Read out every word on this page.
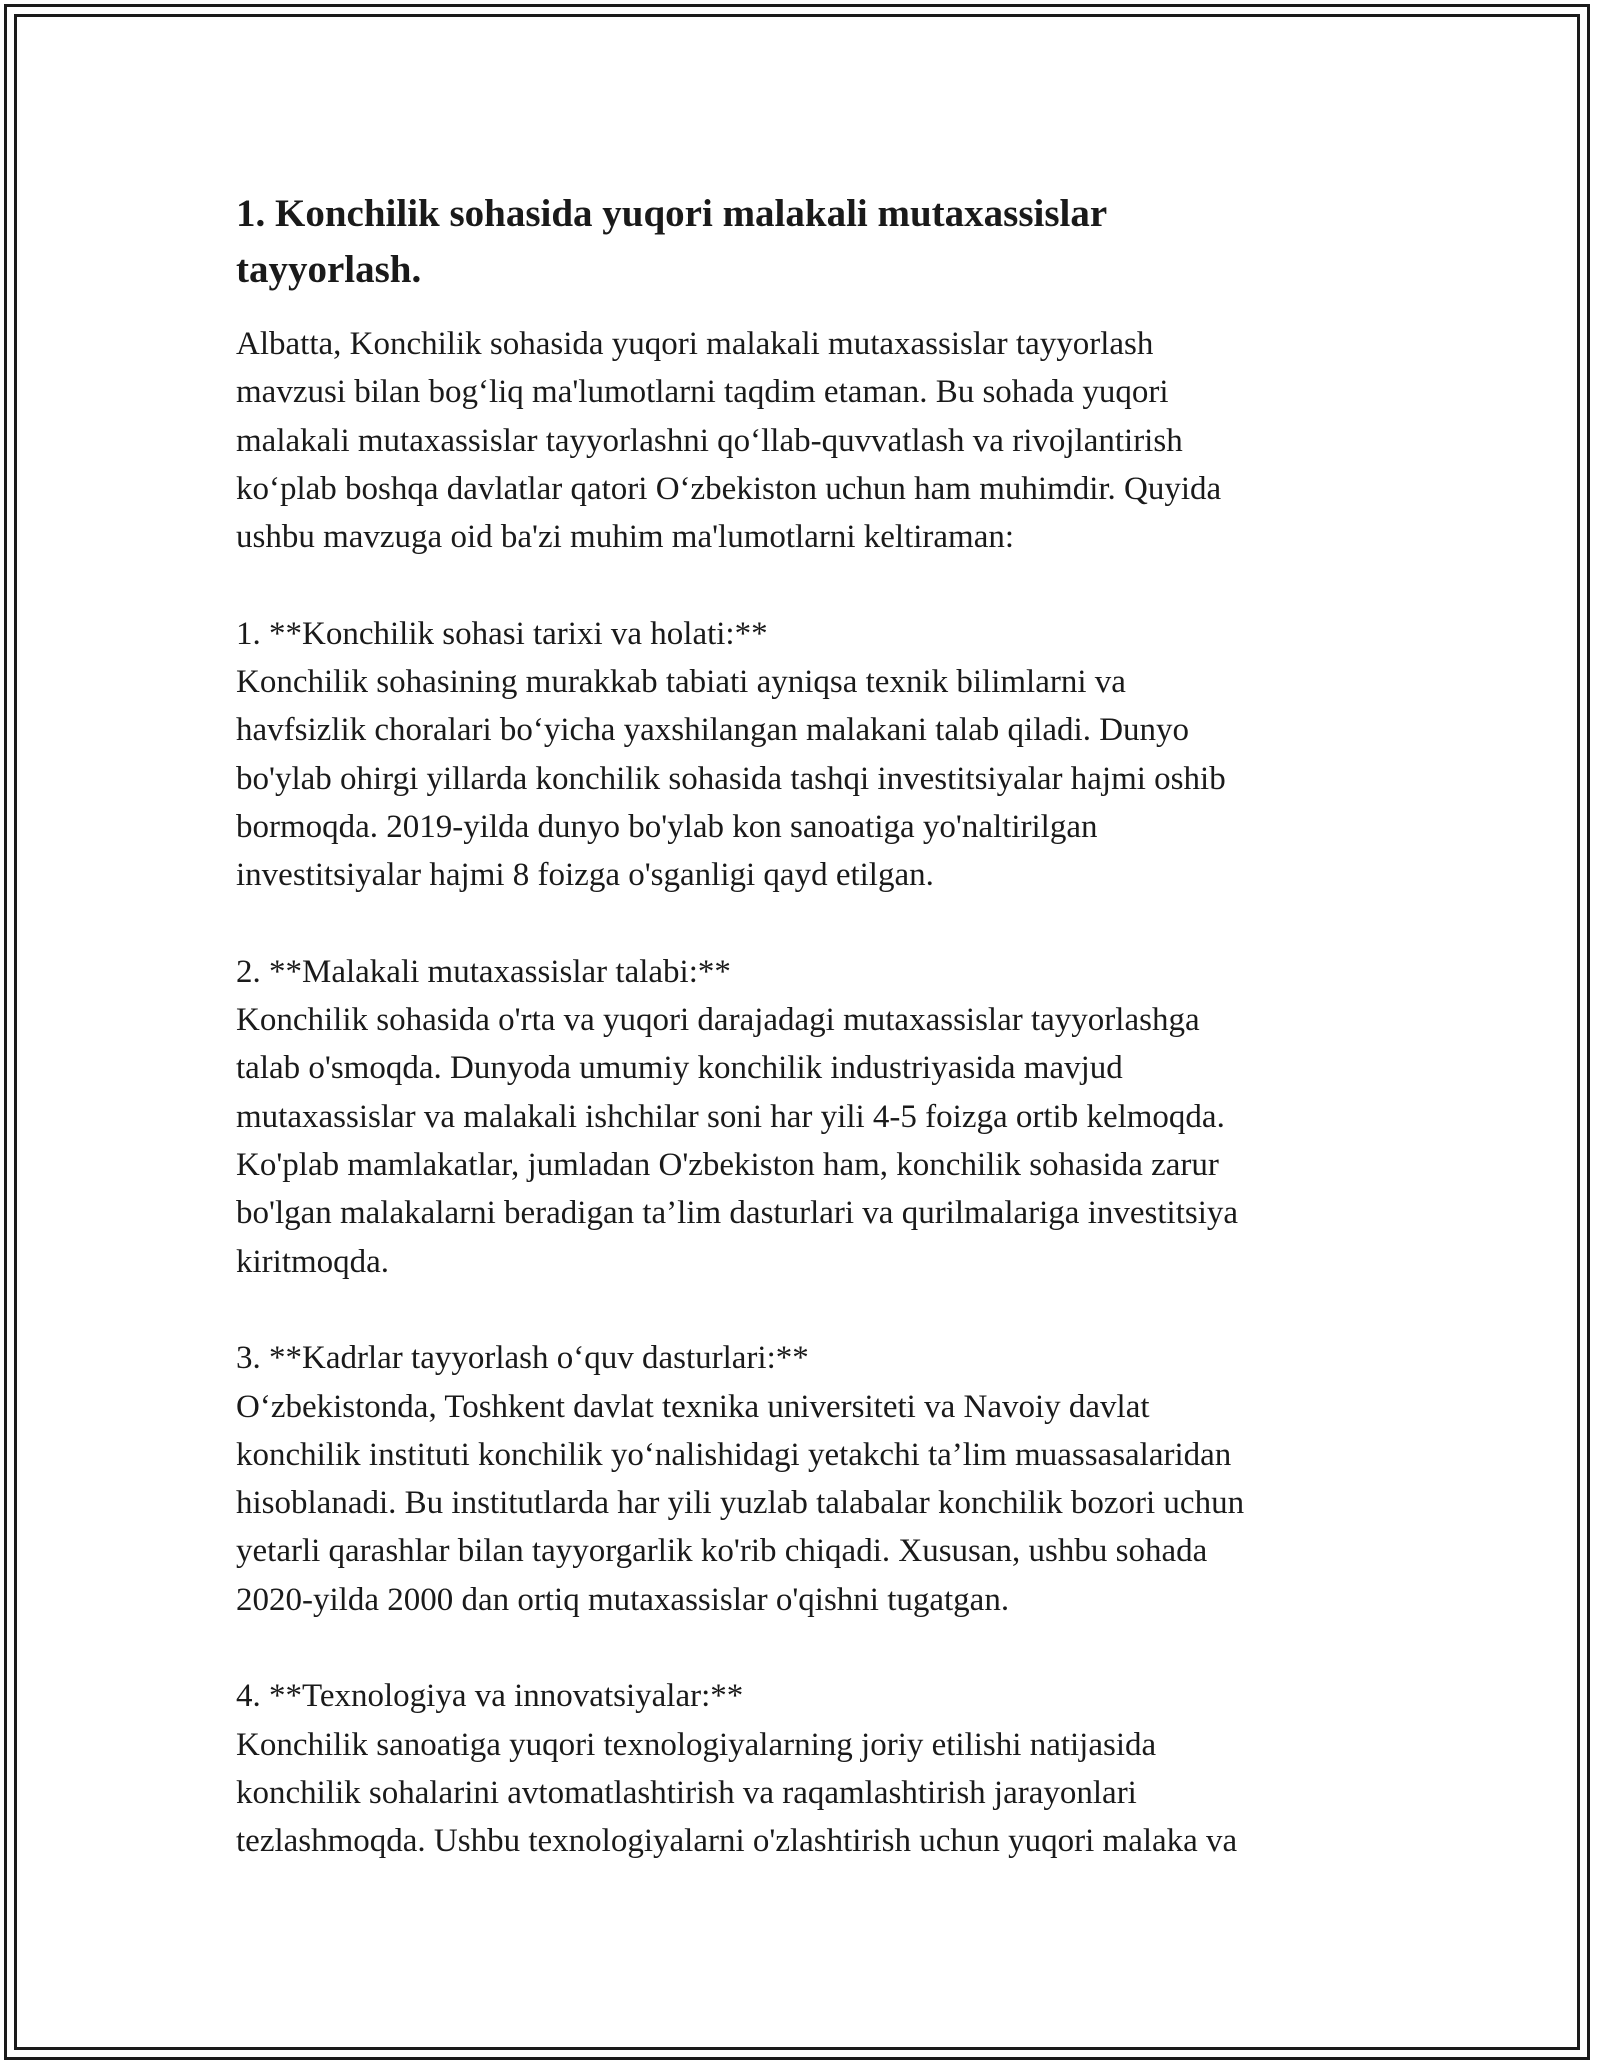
1. Konchilik sohasida yuqori malakali mutaxassislar
tayyorlash.

Albatta, Konchilik sohasida yuqori malakali mutaxassislar tayyorlash
mavzusi bilan bog‘liq ma'lumotlarni taqdim etaman. Bu sohada yuqori
malakali mutaxassislar tayyorlashni qo‘llab-quvvatlash va rivojlantirish
ko‘plab boshqa davlatlar qatori O‘zbekiston uchun ham muhimdir. Quyida
ushbu mavzuga oid ba'zi muhim ma'lumotlarni keltiraman:

1. **Konchilik sohasi tarixi va holati:**

Konchilik sohasining murakkab tabiati ayniqsa texnik bilimlarni va
havfsizlik choralari bo‘yicha yaxshilangan malakani talab qiladi. Dunyo
bo'ylab ohirgi yillarda konchilik sohasida tashqi investitsiyalar hajmi oshib
bormoqda. 2019-yilda dunyo bo'ylab kon sanoatiga yo'naltirilgan
investitsiyalar hajmi 8 foizga o'sganligi qayd etilgan.

2. **Malakali mutaxassislar talabi:**

Konchilik sohasida o'rta va yuqori darajadagi mutaxassislar tayyorlashga
talab o'smoqda. Dunyoda umumiy konchilik industriyasida mavjud
mutaxassislar va malakali ishchilar soni har yili 4-5 foizga ortib kelmoqda.
Ko'plab mamlakatlar, jumladan O'zbekiston ham, konchilik sohasida zarur
bo'lgan malakalarni beradigan ta’lim dasturlari va qurilmalariga investitsiya
kiritmoqda.

3. **Kadrlar tayyorlash o‘quv dasturlari:**

O‘zbekistonda, Toshkent davlat texnika universiteti va Navoiy davlat
konchilik instituti konchilik yo‘nalishidagi yetakchi ta’lim muassasalaridan
hisoblanadi. Bu institutlarda har yili yuzlab talabalar konchilik bozori uchun
yetarli qarashlar bilan tayyorgarlik ko'rib chiqadi. Xususan, ushbu sohada
2020-yilda 2000 dan ortiq mutaxassislar o'qishni tugatgan.

4. **Texnologiya va innovatsiyalar:**

Konchilik sanoatiga yuqori texnologiyalarning joriy etilishi natijasida
konchilik sohalarini avtomatlashtirish va raqamlashtirish jarayonlari
tezlashmoqda. Ushbu texnologiyalarni o'zlashtirish uchun yuqori malaka va
